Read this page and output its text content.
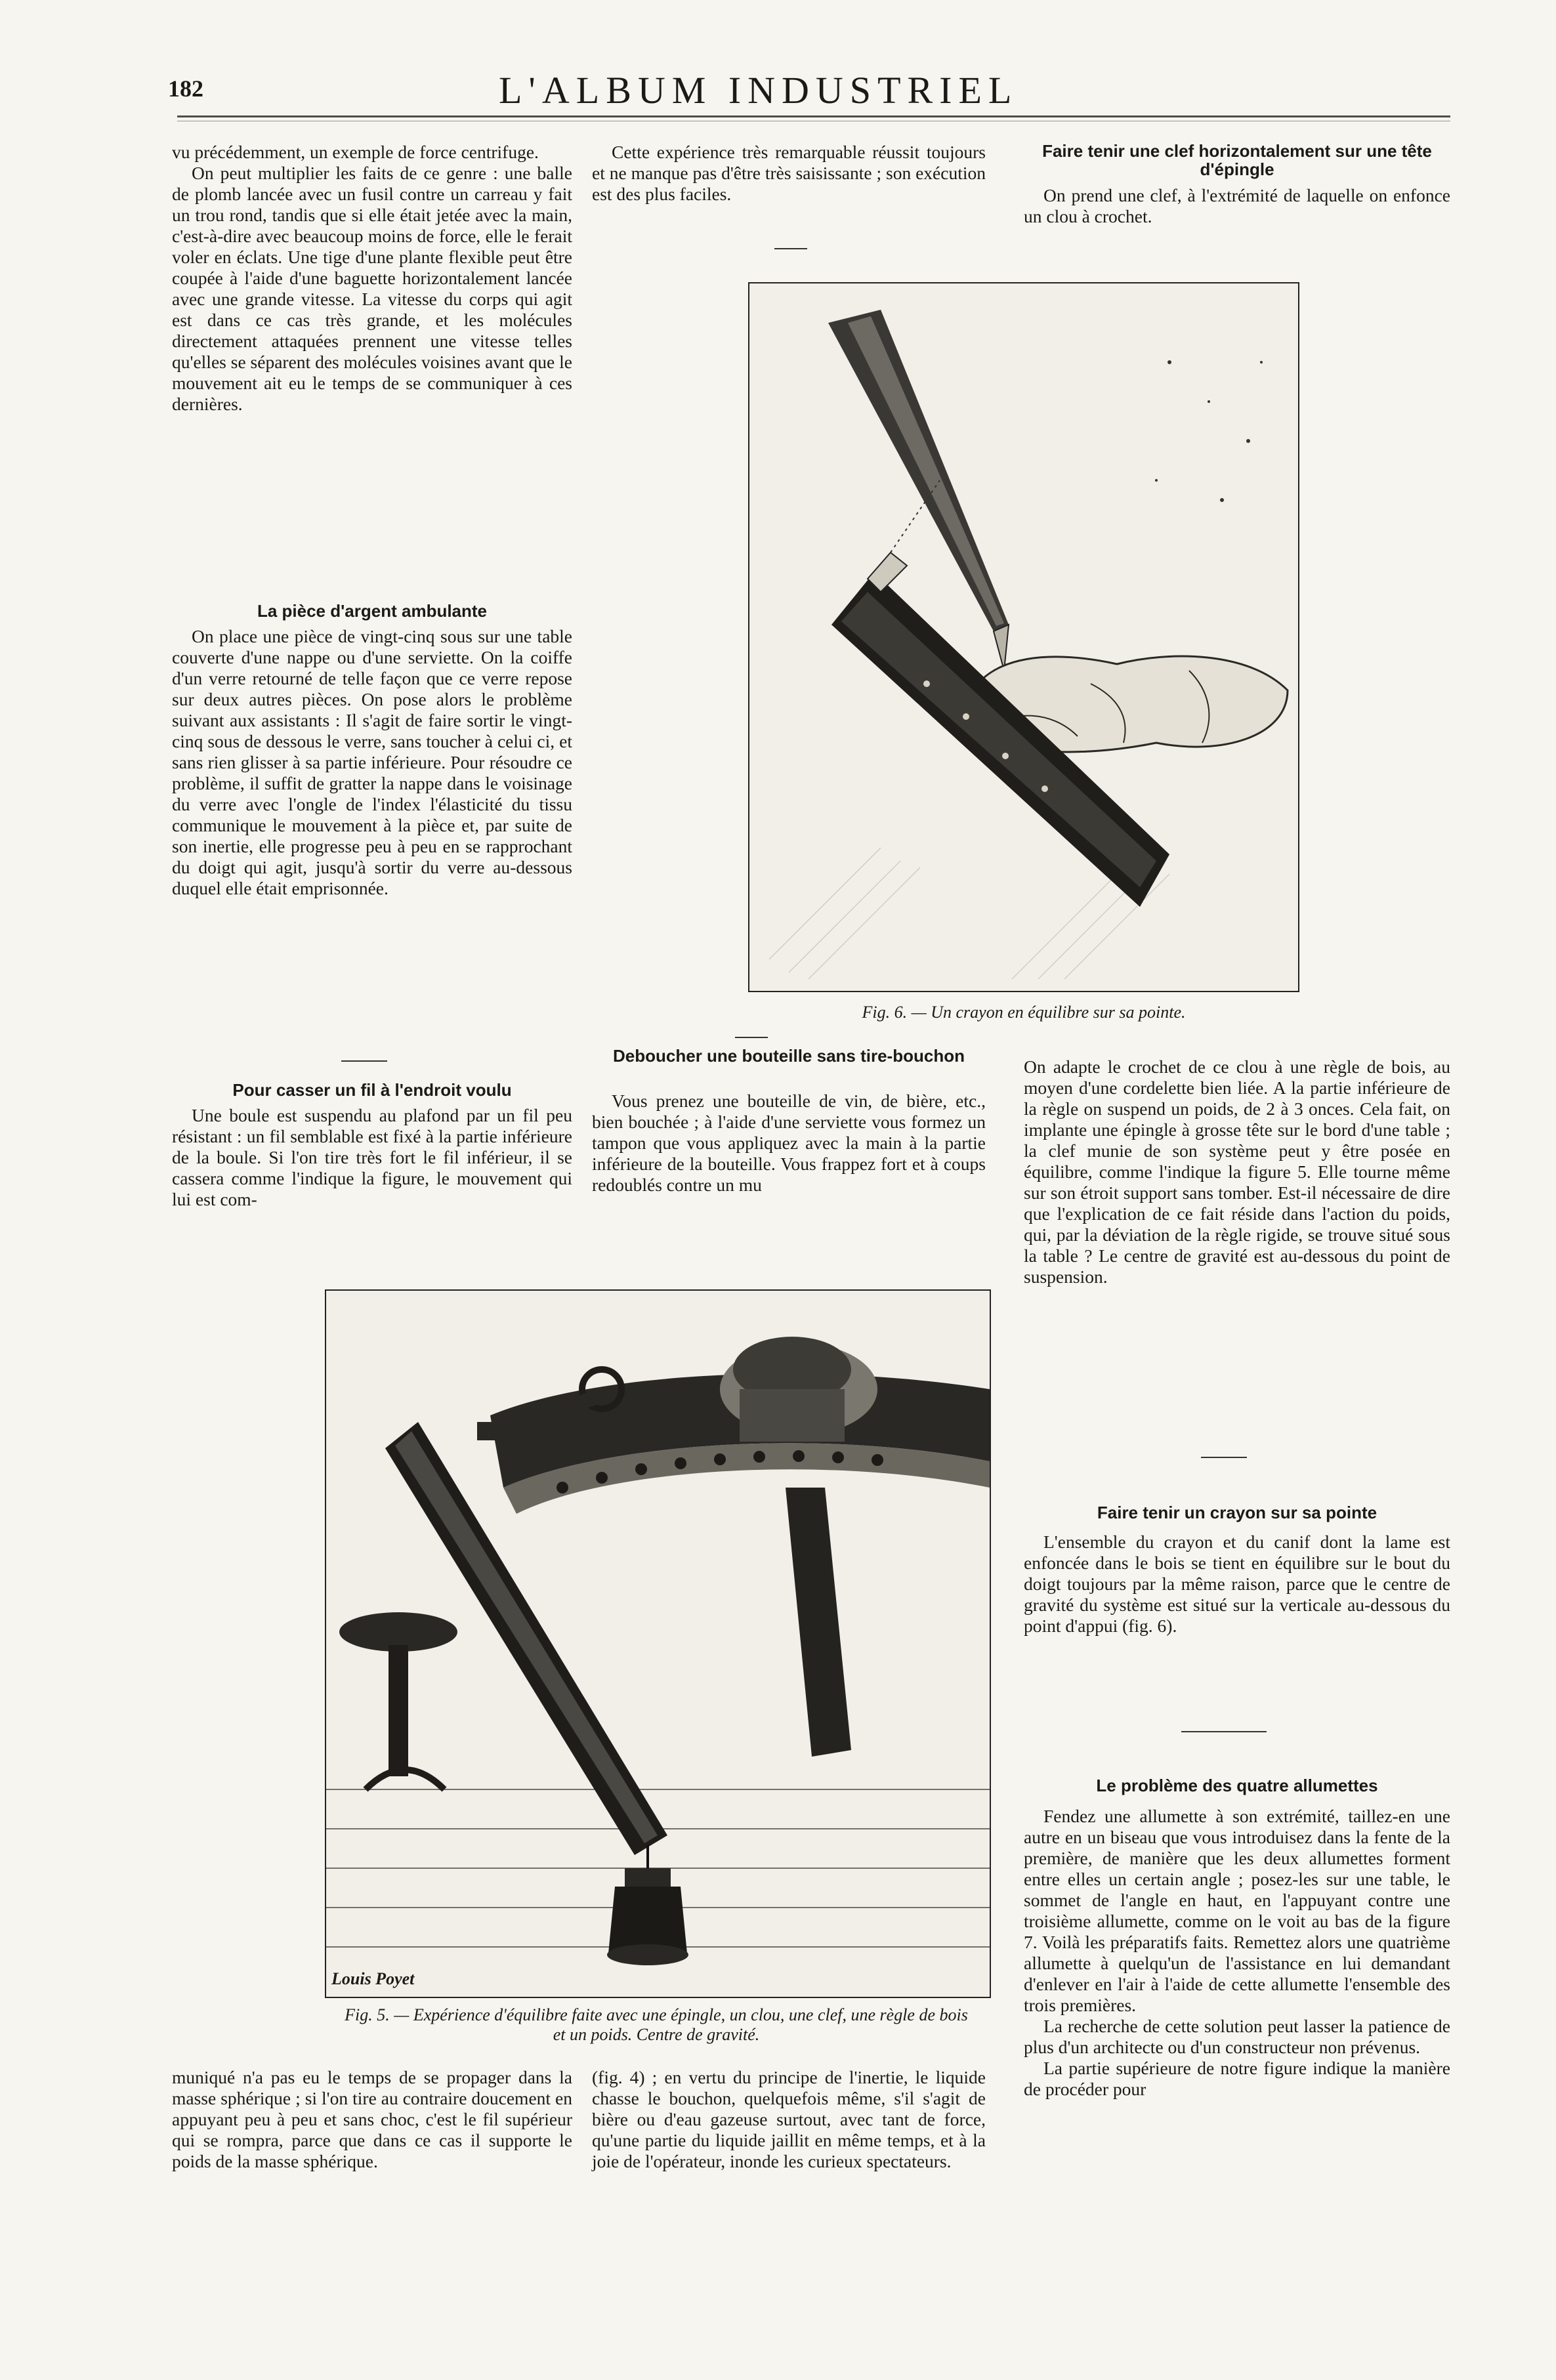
182	L'ALBUM INDUSTRIEL

vu précédemment, un exemple de force centrifuge.

On peut multiplier les faits de ce genre : une balle de plomb lancée avec un fusil contre un carreau y fait un trou rond, tandis que si elle était jetée avec la main, c'est-à-dire avec beaucoup moins de force, elle le ferait voler en éclats. Une tige d'une plante flexible peut être coupée à l'aide d'une baguette horizontalement lancée avec une grande vitesse. La vitesse du corps qui agit est dans ce cas très grande, et les molécules directement attaquées prennent une vitesse telles qu'elles se séparent des molécules voisines avant que le mouvement ait eu le temps de se communiquer à ces dernières.

La pièce d'argent ambulante

On place une pièce de vingt-cinq sous sur une table couverte d'une nappe ou d'une serviette. On la coiffe d'un verre retourné de telle façon que ce verre repose sur deux autres pièces. On pose alors le problème suivant aux assistants : Il s'agit de faire sortir le vingt-cinq sous de dessous le verre, sans toucher à celui ci, et sans rien glisser à sa partie inférieure. Pour résoudre ce problème, il suffit de gratter la nappe dans le voisinage du verre avec l'ongle de l'index l'élasticité du tissu communique le mouvement à la pièce et, par suite de son inertie, elle progresse peu à peu en se rapprochant du doigt qui agit, jusqu'à sortir du verre au-dessous duquel elle était emprisonnée.

Pour casser un fil à l'endroit voulu

Une boule est suspendu au plafond par un fil peu résistant : un fil semblable est fixé à la partie inférieure de la boule. Si l'on tire très fort le fil inférieur, il se cassera comme l'indique la figure, le mouvement qui lui est com-

Cette expérience très remarquable réussit toujours et ne manque pas d'être très saisissante ; son exécution est des plus faciles.

Fig. 6. — Un crayon en équilibre sur sa pointe.
Deboucher une bouteille sans tire-bouchon

Vous prenez une bouteille de vin, de bière, etc., bien bouchée ; à l'aide d'une serviette vous formez un tampon que vous appliquez avec la main à la partie inférieure de la bouteille. Vous frappez fort et à coups redoublés contre un mu

Faire tenir une clef horizontalement sur une tête d'épingle

On prend une clef, à l'extrémité de laquelle on enfonce un clou à crochet.

On adapte le crochet de ce clou à une règle de bois, au moyen d'une cordelette bien liée. A la partie inférieure de la règle on suspend un poids, de 2 à 3 onces. Cela fait, on implante une épingle à grosse tête sur le bord d'une table ; la clef munie de son système peut y être posée en équilibre, comme l'indique la figure 5. Elle tourne même sur son étroit support sans tomber. Est-il nécessaire de dire que l'explication de ce fait réside dans l'action du poids, qui, par la déviation de la règle rigide, se trouve situé sous la table ? Le centre de gravité est au-dessous du point de suspension.

Faire tenir un crayon sur sa pointe

L'ensemble du crayon et du canif dont la lame est enfoncée dans le bois se tient en équilibre sur le bout du doigt toujours par la même raison, parce que le centre de gravité du système est situé sur la verticale au-dessous du point d'appui (fig. 6).

Le problème des quatre allumettes

Fendez une allumette à son extrémité, taillez-en une autre en un biseau que vous introduisez dans la fente de la première, de manière que les deux allumettes forment entre elles un certain angle ; posez-les sur une table, le sommet de l'angle en haut, en l'appuyant contre une troisième allumette, comme on le voit au bas de la figure 7. Voilà les préparatifs faits. Remettez alors une quatrième allumette à quelqu'un de l'assistance en lui demandant d'enlever en l'air à l'aide de cette allumette l'ensemble des trois premières.

La recherche de cette solution peut lasser la patience de plus d'un architecte ou d'un constructeur non prévenus.

La partie supérieure de notre figure indique la manière de procéder pour

Louis Poyet
Fig. 5. — Expérience d'équilibre faite avec une épingle, un clou, une clef, une règle de bois et un poids. Centre de gravité.

muniqué n'a pas eu le temps de se propager dans la masse sphérique ; si l'on tire au contraire doucement en appuyant peu à peu et sans choc, c'est le fil supérieur qui se rompra, parce que dans ce cas il supporte le poids de la masse sphérique.

(fig. 4) ; en vertu du principe de l'inertie, le liquide chasse le bouchon, quelquefois même, s'il s'agit de bière ou d'eau gazeuse surtout, avec tant de force, qu'une partie du liquide jaillit en même temps, et à la joie de l'opérateur, inonde les curieux spectateurs.
